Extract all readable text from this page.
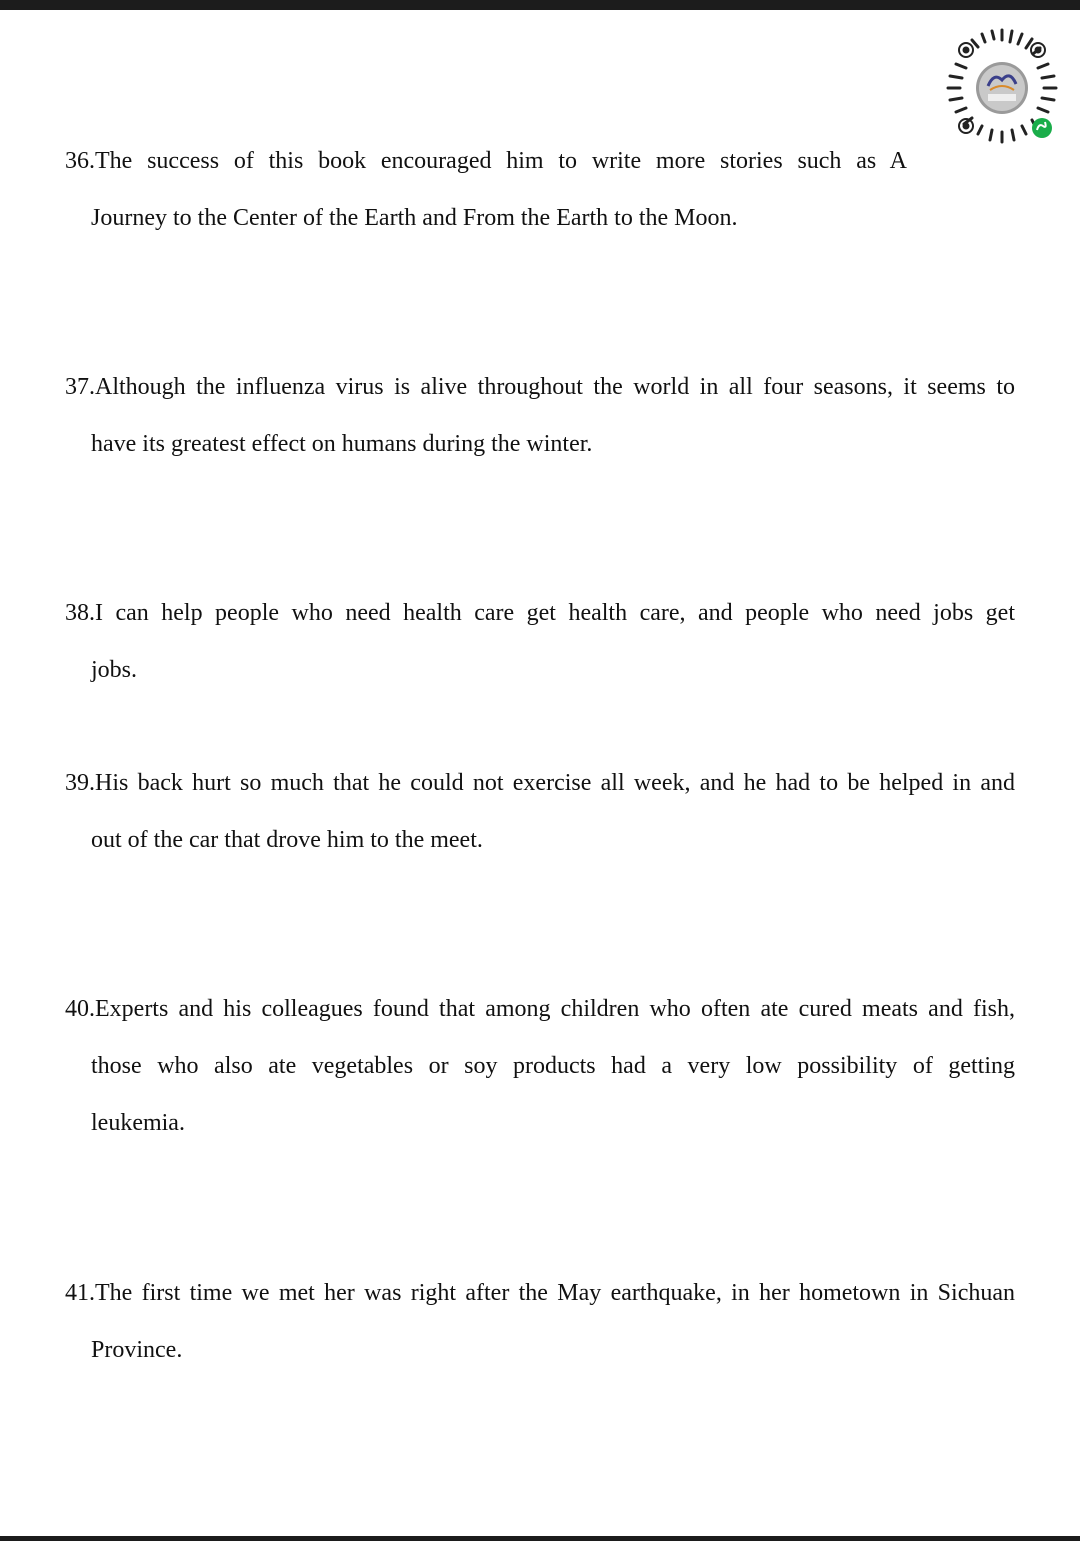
36.The success of this book encouraged him to write more stories such as A
Journey to the Center of the Earth and From the Earth to the Moon.
37.Although the influenza virus is alive throughout the world in all four seasons, it seems to
have its greatest effect on humans during the winter.
38.I can help people who need health care get health care, and people who need jobs get
jobs.
39.His back hurt so much that he could not exercise all week, and he had to be helped in and
out of the car that drove him to the meet.
40.Experts and his colleagues found that among children who often ate cured meats and fish,
those who also ate vegetables or soy products had a very low possibility of getting
leukemia.
41.The first time we met her was right after the May earthquake, in her hometown in Sichuan
Province.
